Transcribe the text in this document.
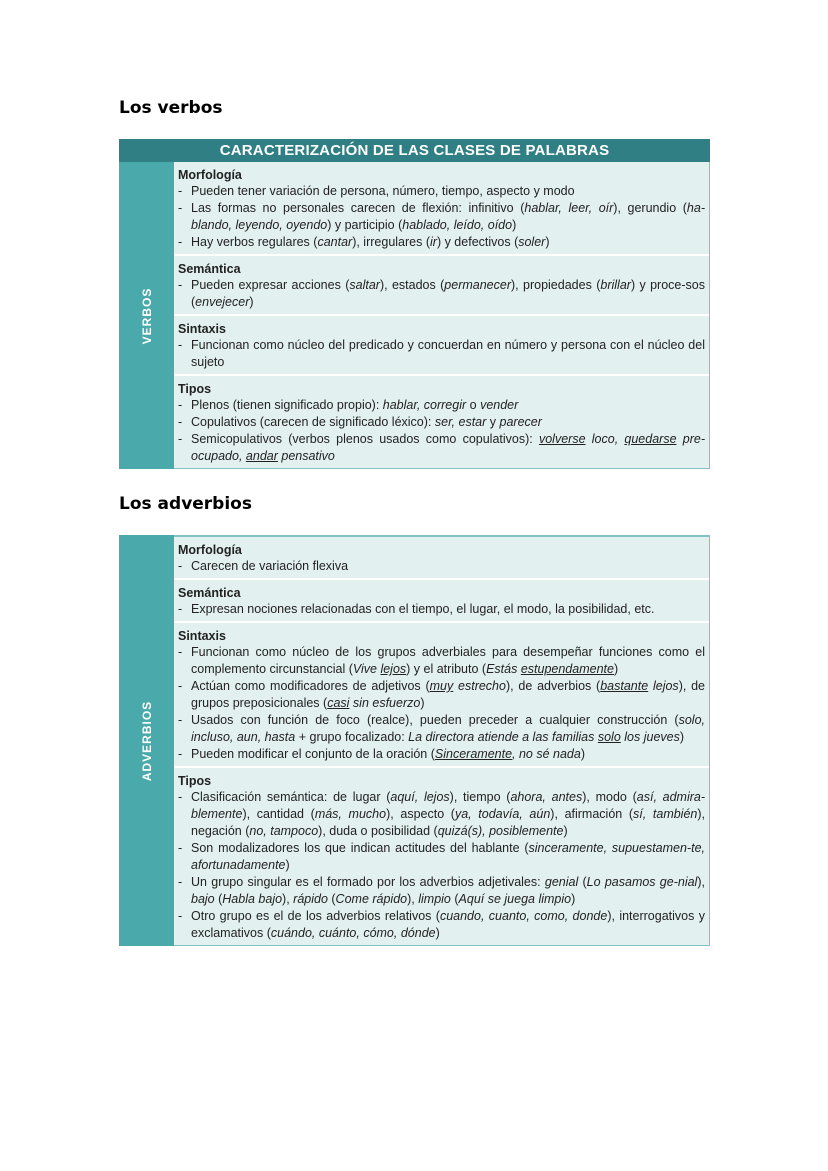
Los verbos
CARACTERIZACIÓN DE LAS CLASES DE PALABRAS
VERBOS

Morfología

- Pueden tener variación de persona, número, tiempo, aspecto y modo

- Las formas no personales carecen de flexión: infinitivo (hablar, leer, oír), gerundio (ha-blando, leyendo, oyendo) y participio (hablado, leído, oído)

- Hay verbos regulares (cantar), irregulares (ir) y defectivos (soler)

Semántica

- Pueden expresar acciones (saltar), estados (permanecer), propiedades (brillar) y proce-sos (envejecer)

Sintaxis

- Funcionan como núcleo del predicado y concuerdan en número y persona con el núcleo del sujeto

Tipos

- Plenos (tienen significado propio): hablar, corregir o vender

- Copulativos (carecen de significado léxico): ser, estar y parecer

- Semicopulativos (verbos plenos usados como copulativos): volverse loco, quedarse pre-ocupado, andar pensativo

Los adverbios
ADVERBIOS

Morfología

- Carecen de variación flexiva

Semántica

- Expresan nociones relacionadas con el tiempo, el lugar, el modo, la posibilidad, etc.

Sintaxis

- Funcionan como núcleo de los grupos adverbiales para desempeñar funciones como el complemento circunstancial (Vive lejos) y el atributo (Estás estupendamente)

- Actúan como modificadores de adjetivos (muy estrecho), de adverbios (bastante lejos), de grupos preposicionales (casi sin esfuerzo)

- Usados con función de foco (realce), pueden preceder a cualquier construcción (solo, incluso, aun, hasta + grupo focalizado: La directora atiende a las familias solo los jueves)

- Pueden modificar el conjunto de la oración (Sinceramente, no sé nada)

Tipos

- Clasificación semántica: de lugar (aquí, lejos), tiempo (ahora, antes), modo (así, admira-blemente), cantidad (más, mucho), aspecto (ya, todavía, aún), afirmación (sí, también), negación (no, tampoco), duda o posibilidad (quizá(s), posiblemente)

- Son modalizadores los que indican actitudes del hablante (sinceramente, supuestamen-te, afortunadamente)

- Un grupo singular es el formado por los adverbios adjetivales: genial (Lo pasamos ge-nial), bajo (Habla bajo), rápido (Come rápido), limpio (Aquí se juega limpio)

- Otro grupo es el de los adverbios relativos (cuando, cuanto, como, donde), interrogativos y exclamativos (cuándo, cuánto, cómo, dónde)
